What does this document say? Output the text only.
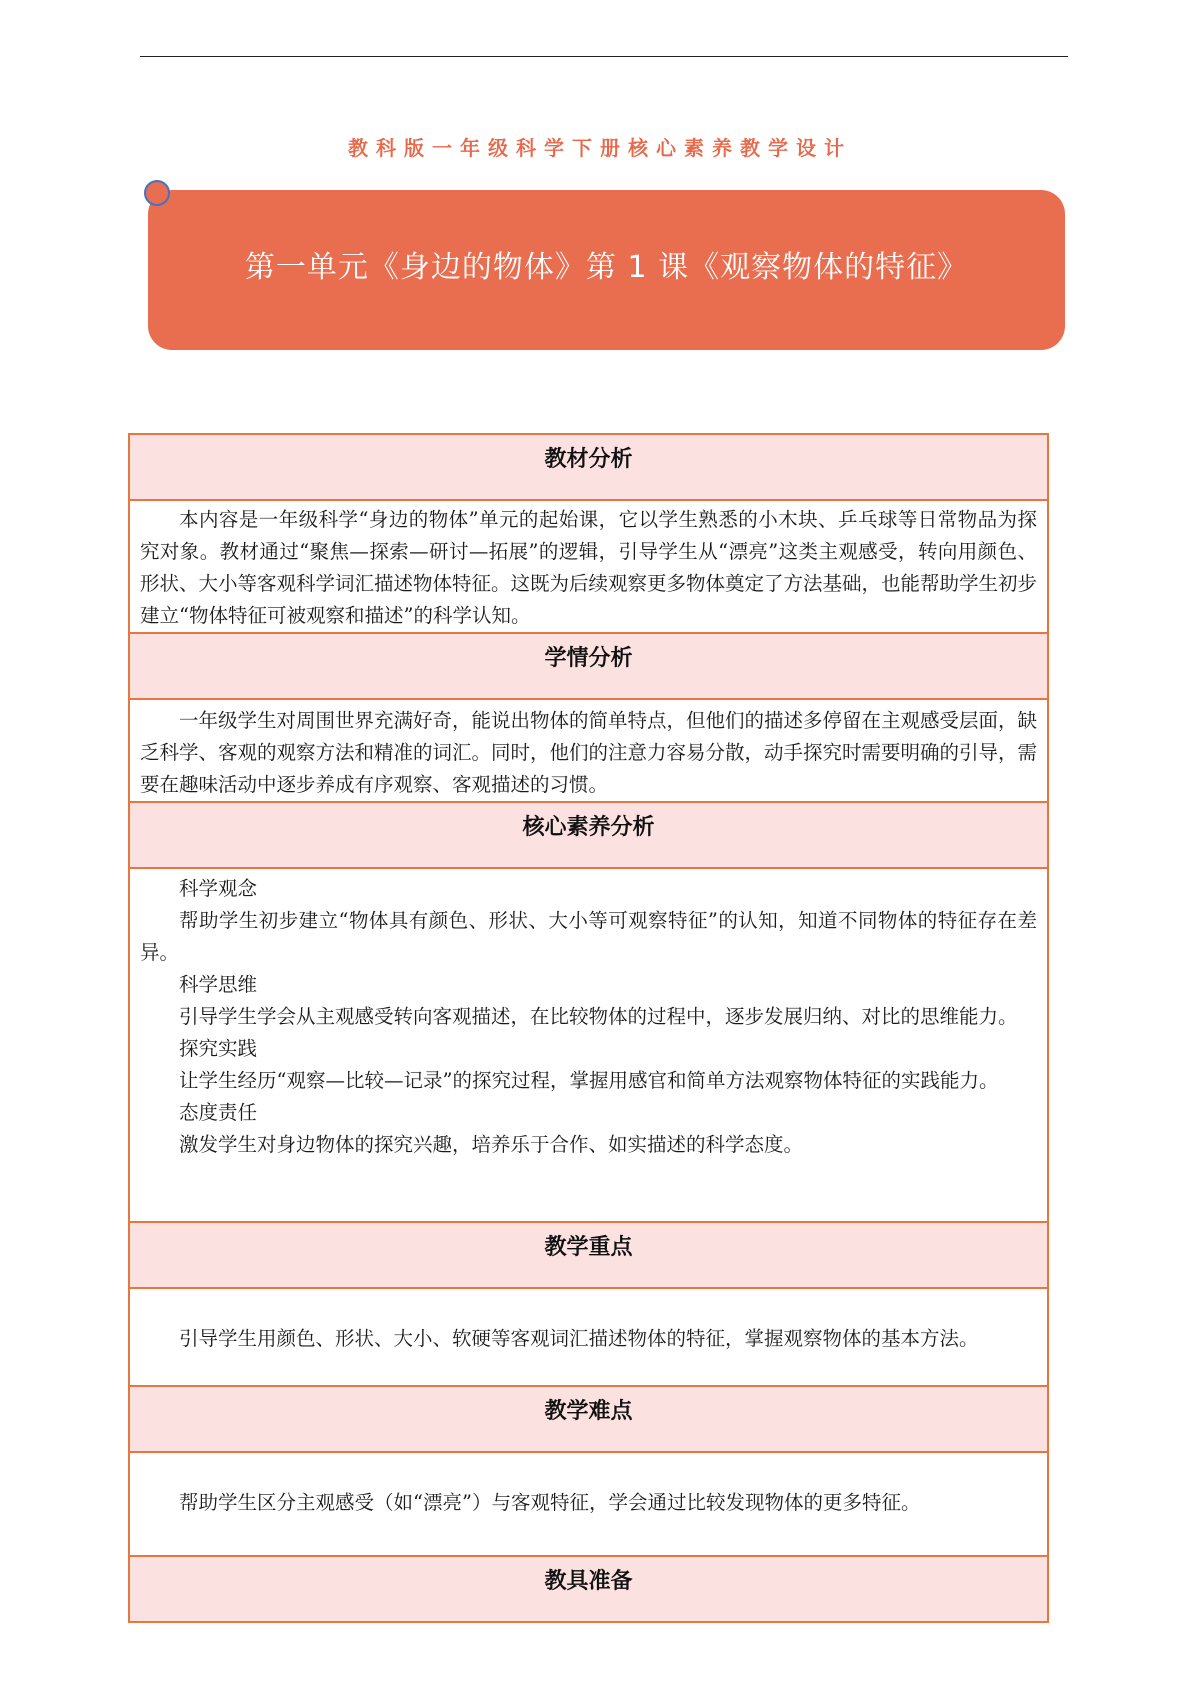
教科版一年级科学下册核心素养教学设计
第一单元《身边的物体》第 1 课《观察物体的特征》
教材分析

本内容是一年级科学“身边的物体”单元的起始课，它以学生熟悉的小木块、乒乓球等日常物品为探究对象。教材通过“聚焦—探索—研讨—拓展”的逻辑，引导学生从“漂亮”这类主观感受，转向用颜色、形状、大小等客观科学词汇描述物体特征。这既为后续观察更多物体奠定了方法基础，也能帮助学生初步建立“物体特征可被观察和描述”的科学认知。

学情分析

一年级学生对周围世界充满好奇，能说出物体的简单特点，但他们的描述多停留在主观感受层面，缺乏科学、客观的观察方法和精准的词汇。同时，他们的注意力容易分散，动手探究时需要明确的引导，需要在趣味活动中逐步养成有序观察、客观描述的习惯。

核心素养分析

科学观念

帮助学生初步建立“物体具有颜色、形状、大小等可观察特征”的认知，知道不同物体的特征存在差异。

科学思维

引导学生学会从主观感受转向客观描述，在比较物体的过程中，逐步发展归纳、对比的思维能力。

探究实践

让学生经历“观察—比较—记录”的探究过程，掌握用感官和简单方法观察物体特征的实践能力。

态度责任

激发学生对身边物体的探究兴趣，培养乐于合作、如实描述的科学态度。

教学重点

引导学生用颜色、形状、大小、软硬等客观词汇描述物体的特征，掌握观察物体的基本方法。

教学难点

帮助学生区分主观感受（如“漂亮”）与客观特征，学会通过比较发现物体的更多特征。

教具准备
